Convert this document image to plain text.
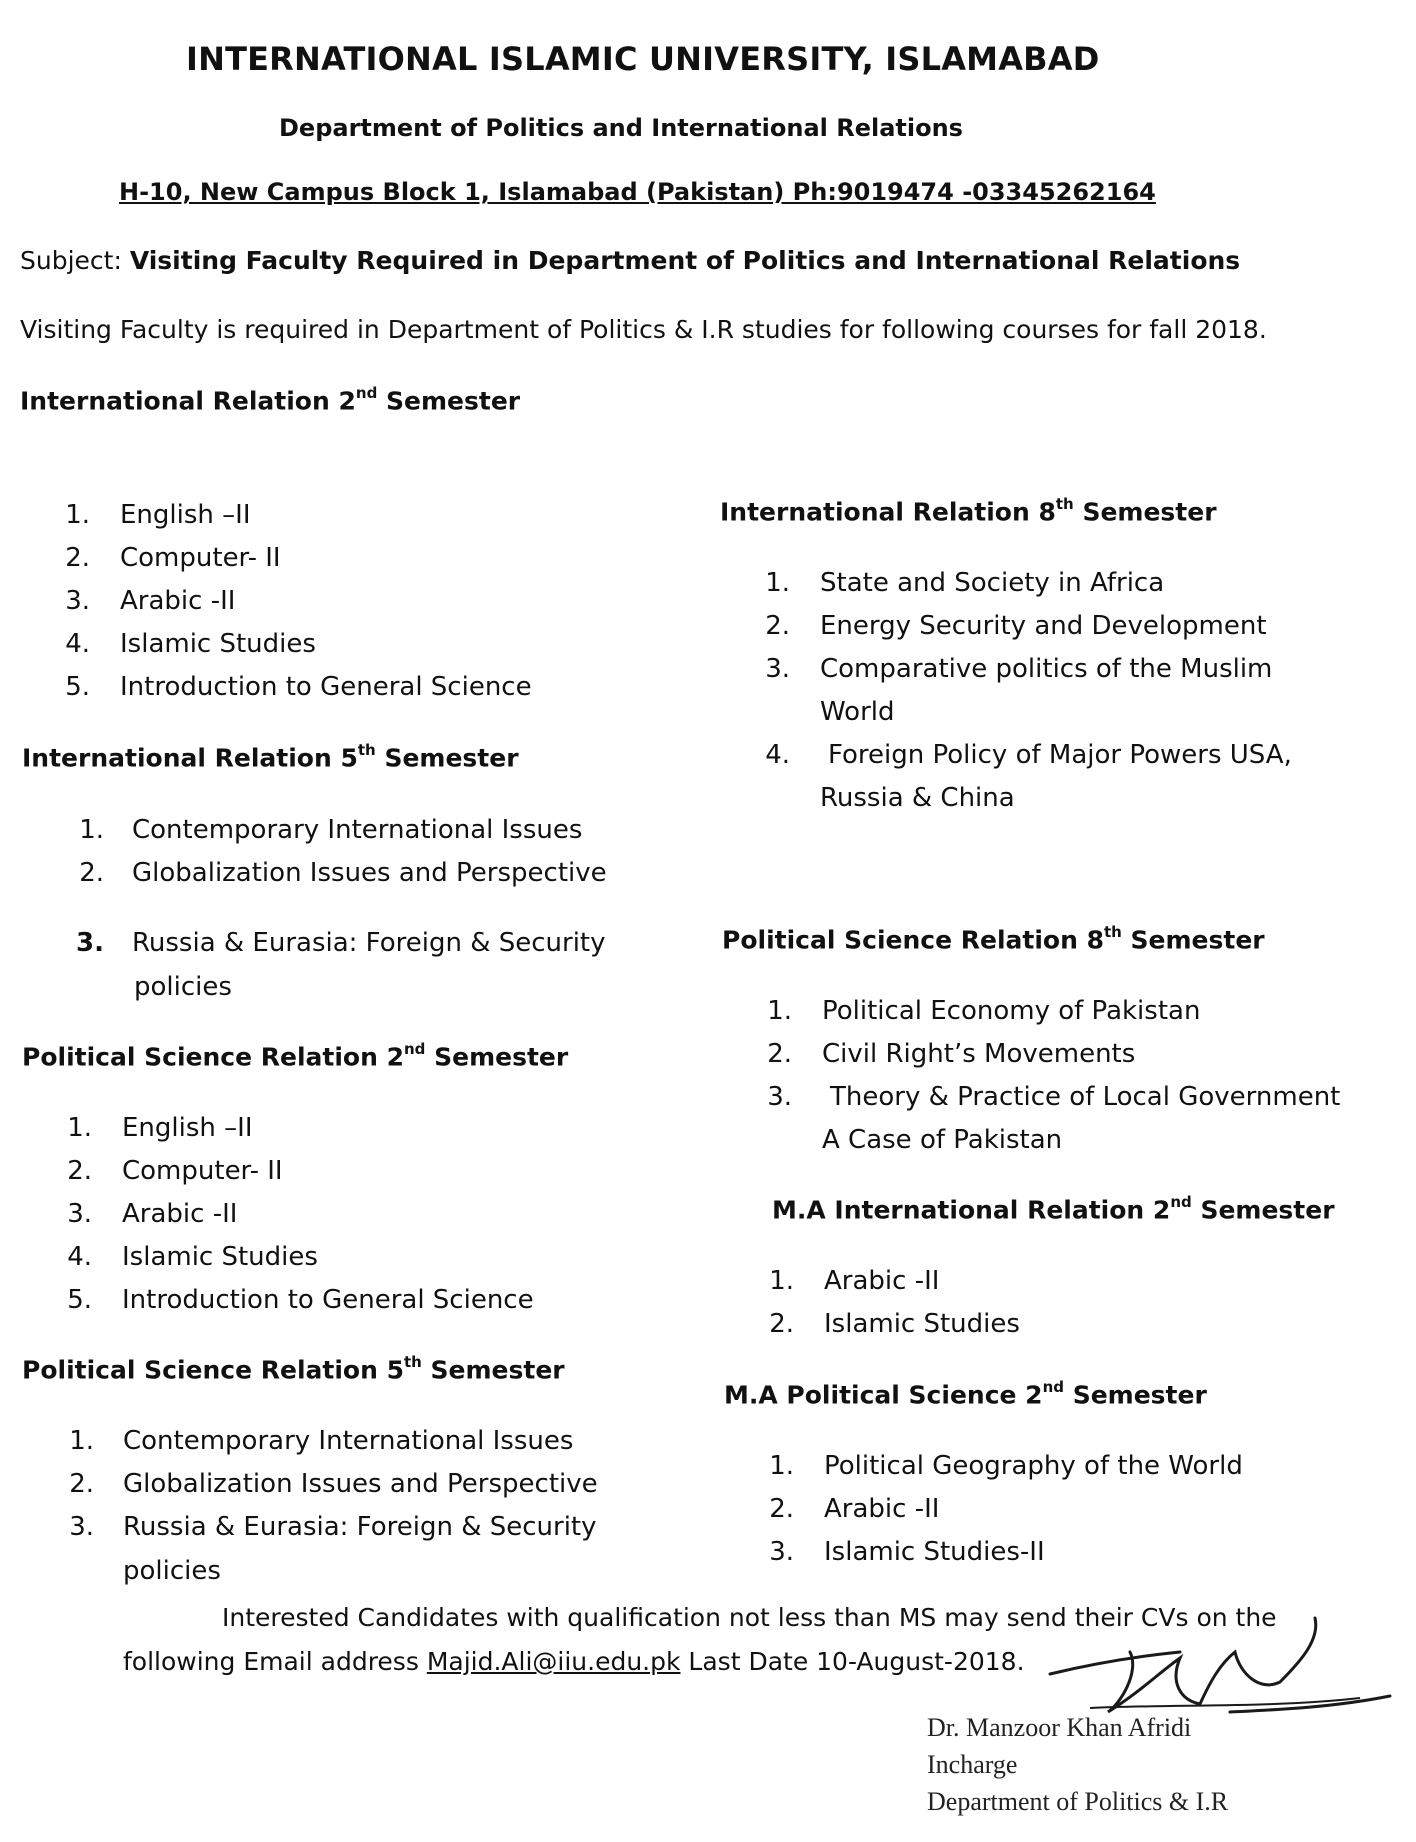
INTERNATIONAL ISLAMIC UNIVERSITY, ISLAMABAD
Department of Politics and International Relations
H-10, New Campus Block 1, Islamabad (Pakistan) Ph:9019474 -03345262164
Subject: Visiting Faculty Required in Department of Politics and International Relations
Visiting Faculty is required in Department of Politics & I.R studies for following courses for fall 2018.
International Relation 2nd Semester
1. English –II
2. Computer- II
3. Arabic -II
4. Islamic Studies
5. Introduction to General Science
International Relation 5th Semester
1. Contemporary International Issues
2. Globalization Issues and Perspective
3. Russia & Eurasia: Foreign & Security
policies
Political Science Relation 2nd Semester
1. English –II
2. Computer- II
3. Arabic -II
4. Islamic Studies
5. Introduction to General Science
Political Science Relation 5th Semester
1. Contemporary International Issues
2. Globalization Issues and Perspective
3. Russia & Eurasia: Foreign & Security
policies
International Relation 8th Semester
1. State and Society in Africa
2. Energy Security and Development
3. Comparative politics of the Muslim
World
4. Foreign Policy of Major Powers USA,
Russia & China
Political Science Relation 8th Semester
1. Political Economy of Pakistan
2. Civil Right’s Movements
3. Theory & Practice of Local Government
A Case of Pakistan
M.A International Relation 2nd Semester
1. Arabic -II
2. Islamic Studies
M.A Political Science 2nd Semester
1. Political Geography of the World
2. Arabic -II
3. Islamic Studies-II
Interested Candidates with qualification not less than MS may send their CVs on the
following Email address Majid.Ali@iiu.edu.pk Last Date 10-August-2018.
Dr. Manzoor Khan Afridi
Incharge
Department of Politics & I.R
